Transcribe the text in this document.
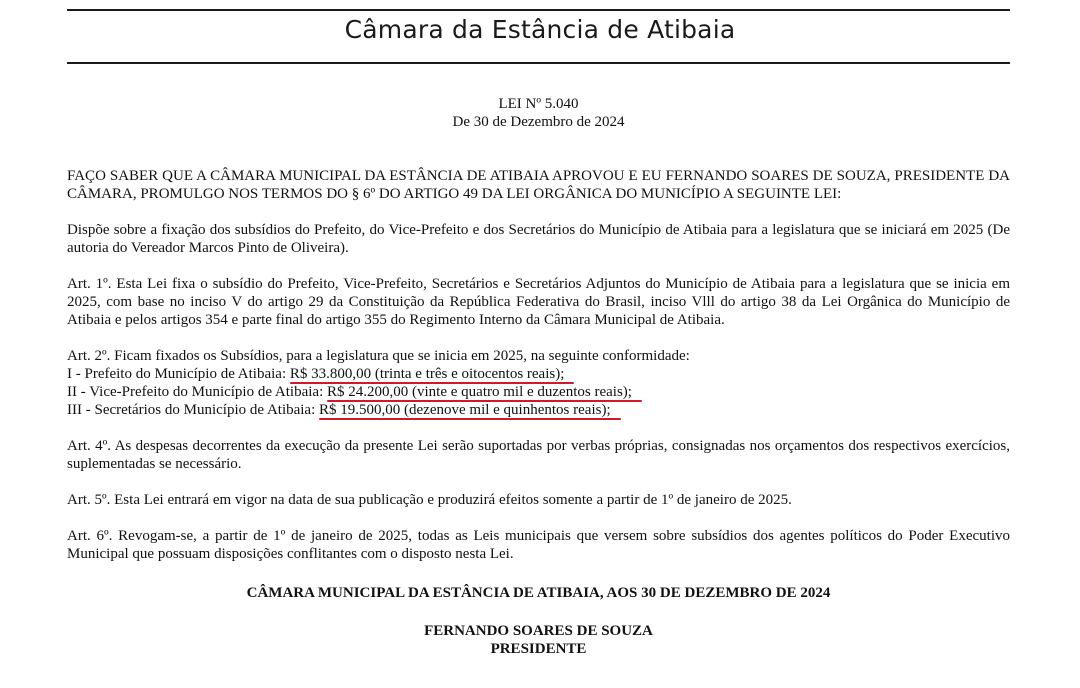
Câmara da Estância de Atibaia

LEI Nº 5.040

De 30 de Dezembro de 2024

FAÇO SABER QUE A CÂMARA MUNICIPAL DA ESTÂNCIA DE ATIBAIA APROVOU E EU FERNANDO SOARES DE SOUZA, PRESIDENTE DA CÂMARA, PROMULGO NOS TERMOS DO § 6º DO ARTIGO 49 DA LEI ORGÂNICA DO MUNICÍPIO A SEGUINTE LEI:

Dispõe sobre a fixação dos subsídios do Prefeito, do Vice-Prefeito e dos Secretários do Município de Atibaia para a legislatura que se iniciará em 2025 (De autoria do Vereador Marcos Pinto de Oliveira).

Art. 1º. Esta Lei fixa o subsídio do Prefeito, Vice-Prefeito, Secretários e Secretários Adjuntos do Município de Atibaia para a legislatura que se inicia em 2025, com base no inciso V do artigo 29 da Constituição da República Federativa do Brasil, inciso Vlll do artigo 38 da Lei Orgânica do Município de Atibaia e pelos artigos 354 e parte final do artigo 355 do Regimento Interno da Câmara Municipal de Atibaia.

Art. 2º. Ficam fixados os Subsídios, para a legislatura que se inicia em 2025, na seguinte conformidade:

I - Prefeito do Município de Atibaia: R$ 33.800,00 (trinta e três e oitocentos reais);

II - Vice-Prefeito do Município de Atibaia: R$ 24.200,00 (vinte e quatro mil e duzentos reais);

III - Secretários do Município de Atibaia: R$ 19.500,00 (dezenove mil e quinhentos reais);

Art. 4º. As despesas decorrentes da execução da presente Lei serão suportadas por verbas próprias, consignadas nos orçamentos dos respectivos exercícios, suplementadas se necessário.

Art. 5º. Esta Lei entrará em vigor na data de sua publicação e produzirá efeitos somente a partir de 1º de janeiro de 2025.

Art. 6º. Revogam-se, a partir de 1º de janeiro de 2025, todas as Leis municipais que versem sobre subsídios dos agentes políticos do Poder Executivo Municipal que possuam disposições conflitantes com o disposto nesta Lei.

CÂMARA MUNICIPAL DA ESTÂNCIA DE ATIBAIA, AOS 30 DE DEZEMBRO DE 2024

FERNANDO SOARES DE SOUZA

PRESIDENTE
